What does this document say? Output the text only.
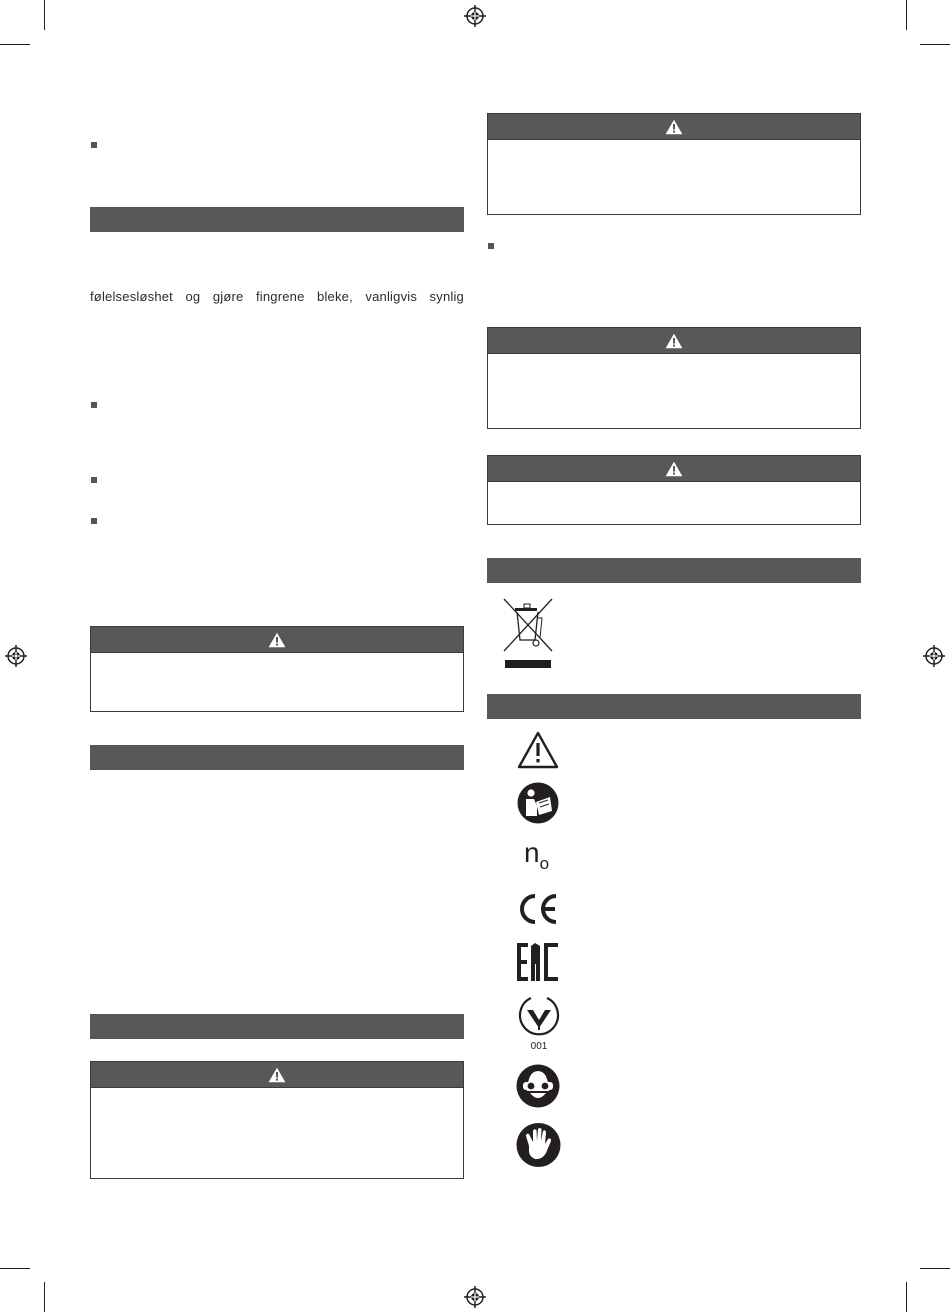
følelsesløshet og gjøre fingrene bleke, vanligvis synlig
$n_o$
001
